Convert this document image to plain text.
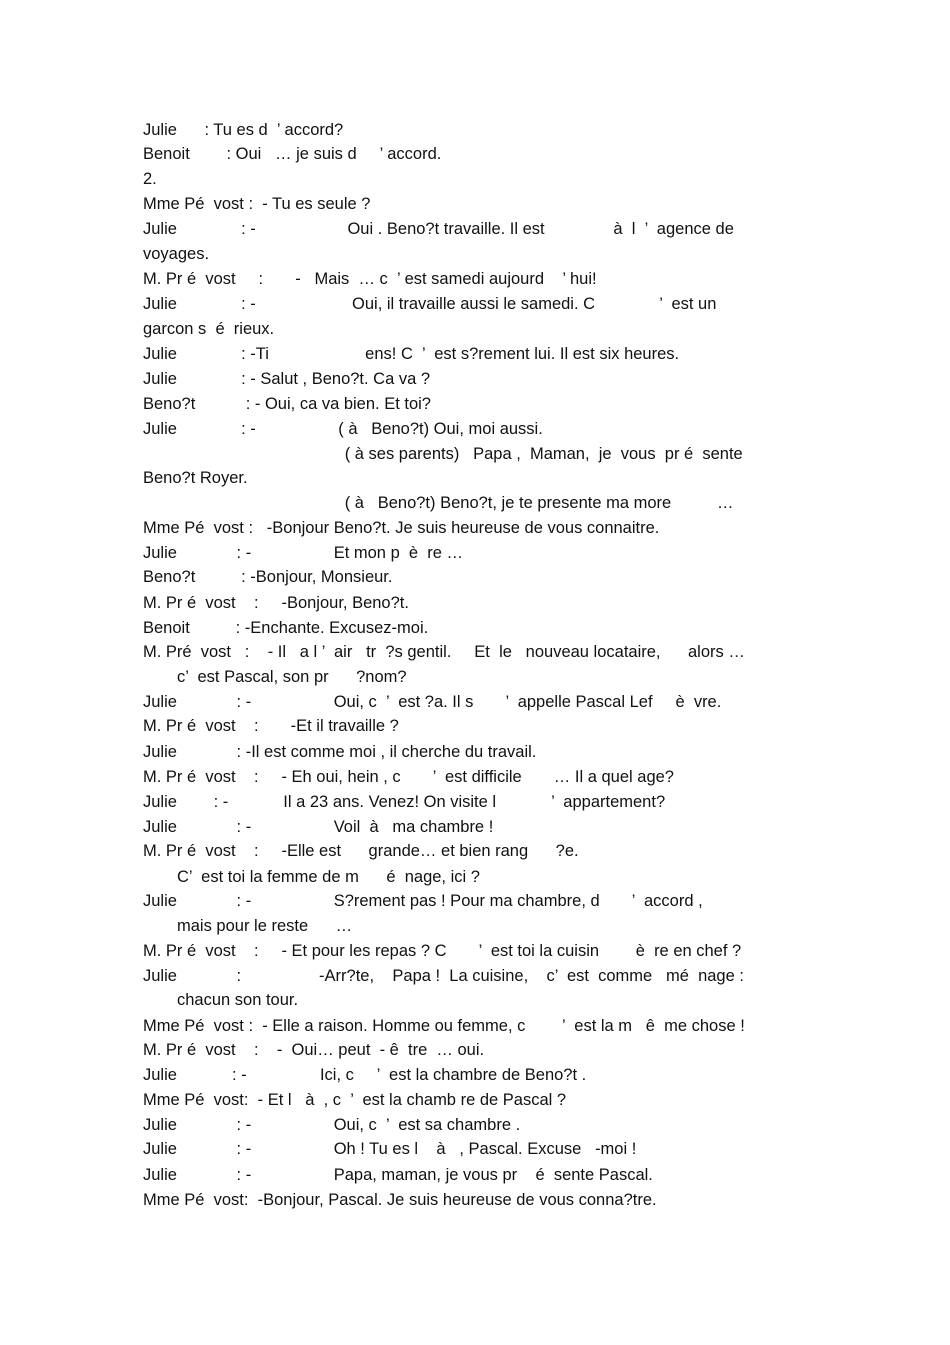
Julie      : Tu es d  ’ accord?
Benoit        : Oui   … je suis d     ’ accord.
2.
Mme Pé  vost :  - Tu es seule ?
Julie              : -                    Oui . Beno?t travaille. Il est               à  l  ’  agence de
voyages.
M. Pr é  vost     :       -   Mais  … c  ’ est samedi aujourd    ’ hui!
Julie              : -                     Oui, il travaille aussi le samedi. C              ’  est un
garcon s  é  rieux.
Julie              : -Ti                     ens! C  ’  est s?rement lui. Il est six heures.
Julie              : - Salut , Beno?t. Ca va ?
Beno?t           : - Oui, ca va bien. Et toi?
Julie              : -                  ( à   Beno?t) Oui, moi aussi.
( à ses parents)   Papa ,  Maman,  je  vous  pr é  sente
Beno?t Royer.
( à   Beno?t) Beno?t, je te presente ma more          …
Mme Pé  vost :   -Bonjour Beno?t. Je suis heureuse de vous connaitre.
Julie             : -                  Et mon p  è  re …
Beno?t          : -Bonjour, Monsieur.
M. Pr é  vost    :     -Bonjour, Beno?t.
Benoit          : -Enchante. Excusez-moi.
M. Pré  vost   :    - Il   a l ’  air   tr  ?s gentil.     Et  le   nouveau locataire,      alors …
c’  est Pascal, son pr      ?nom?
Julie             : -                  Oui, c  ’  est ?a. Il s       ’  appelle Pascal Lef     è  vre.
M. Pr é  vost    :       -Et il travaille ?
Julie             : -Il est comme moi , il cherche du travail.
M. Pr é  vost    :     - Eh oui, hein , c       ’  est difficile       … Il a quel age?
Julie        : -            Il a 23 ans. Venez! On visite l            ’  appartement?
Julie             : -                  Voil  à   ma chambre !
M. Pr é  vost    :     -Elle est      grande… et bien rang      ?e.
C’  est toi la femme de m      é  nage, ici ?
Julie             : -                  S?rement pas ! Pour ma chambre, d       ’  accord ,
mais pour le reste      …
M. Pr é  vost    :     - Et pour les repas ? C       ’  est toi la cuisin        è  re en chef ?
Julie             :                 -Arr?te,    Papa !  La cuisine,    c’  est  comme   mé  nage :
chacun son tour.
Mme Pé  vost :  - Elle a raison. Homme ou femme, c        ’  est la m   ê  me chose !
M. Pr é  vost    :    -  Oui… peut  - ê  tre  … oui.
Julie            : -                Ici, c     ’  est la chambre de Beno?t .
Mme Pé  vost:  - Et l   à  , c  ’  est la chamb re de Pascal ?
Julie             : -                  Oui, c  ’  est sa chambre .
Julie             : -                  Oh ! Tu es l    à   , Pascal. Excuse   -moi !
Julie             : -                  Papa, maman, je vous pr    é  sente Pascal.
Mme Pé  vost:  -Bonjour, Pascal. Je suis heureuse de vous conna?tre.
